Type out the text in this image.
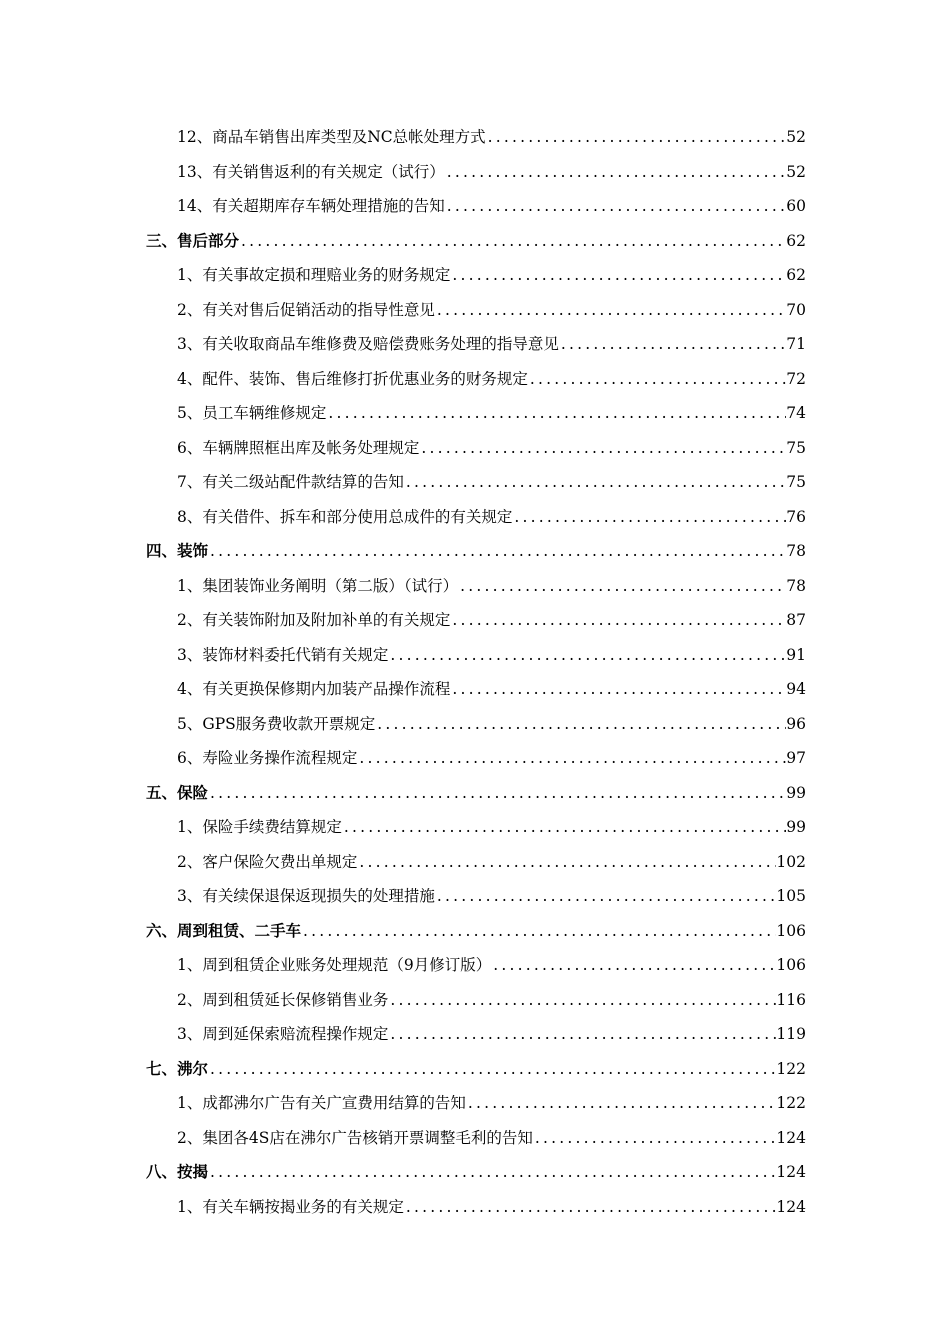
12、商品车销售出库类型及NC总帐处理方式 .....	52
13、有关销售返利的有关规定（试行） .....	52
14、有关超期库存车辆处理措施的告知 .....	60
三、售后部分 .....	62
1、有关事故定损和理赔业务的财务规定 .....	62
2、有关对售后促销活动的指导性意见 .....	70
3、有关收取商品车维修费及赔偿费账务处理的指导意见 .....	71
4、配件、装饰、售后维修打折优惠业务的财务规定 .....	72
5、员工车辆维修规定 .....	74
6、车辆牌照框出库及帐务处理规定 .....	75
7、有关二级站配件款结算的告知 .....	75
8、有关借件、拆车和部分使用总成件的有关规定 .....	76
四、装饰 .....	78
1、集团装饰业务阐明（第二版）（试行） .....	78
2、有关装饰附加及附加补单的有关规定 .....	87
3、装饰材料委托代销有关规定 .....	91
4、有关更换保修期内加装产品操作流程 .....	94
5、GPS服务费收款开票规定 .....	96
6、寿险业务操作流程规定 .....	97
五、保险 .....	99
1、保险手续费结算规定 .....	99
2、客户保险欠费出单规定 .....	102
3、有关续保退保返现损失的处理措施 .....	105
六、周到租赁、二手车 .....	106
1、周到租赁企业账务处理规范（9月修订版） .....	106
2、周到租赁延长保修销售业务 .....	116
3、周到延保索赔流程操作规定 .....	119
七、沸尔 .....	122
1、成都沸尔广告有关广宣费用结算的告知 .....	122
2、集团各4S店在沸尔广告核销开票调整毛利的告知 .....	124
八、按揭 .....	124
1、有关车辆按揭业务的有关规定 .....	124
